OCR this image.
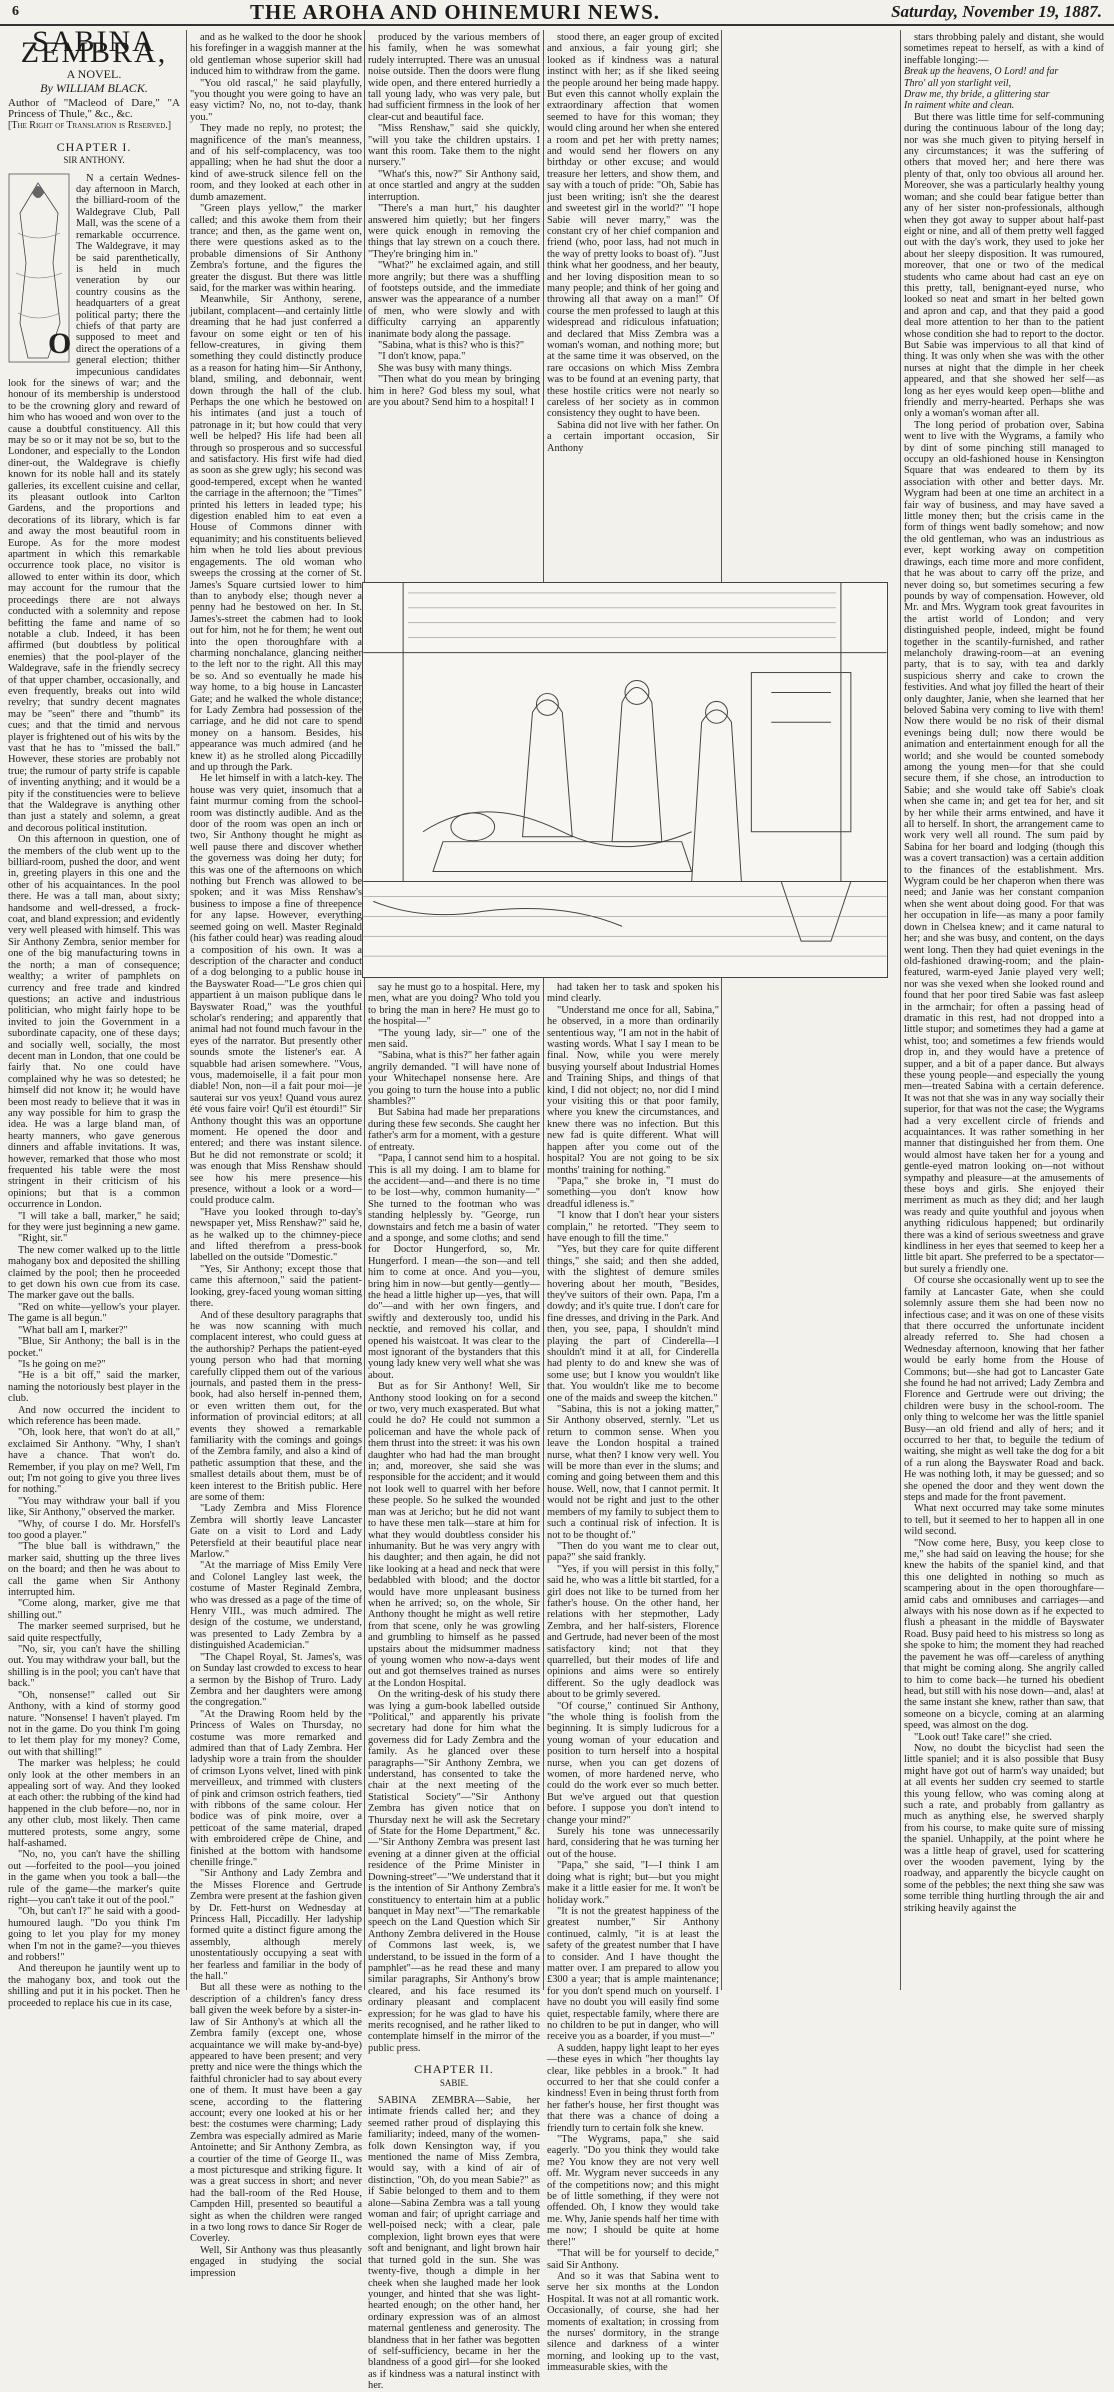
6	THE AROHA AND OHINEMURI NEWS.	Saturday, November 19, 1887.
SABINA ZEMBRA,
A NOVEL.
By WILLIAM BLACK.

Author of "Macleod of Dare," "A Princess of Thule," &c., &c.

[The Right of Translation is Reserved.]

CHAPTER I.
SIR ANTHONY.
O

N a certain Wednes-day afternoon in March, the billiard-room of the Waldegrave Club, Pall Mall, was the scene of a remarkable occurrence. The Waldegrave, it may be said parenthetically, is held in much veneration by our country cousins as the headquarters of a great political party; there the chiefs of that party are supposed to meet and direct the operations of a general election; thither impecunious candidates look for the sinews of war; and the honour of its membership is understood to be the crowning glory and reward of him who has wooed and won over to the cause a doubtful constituency. All this may be so or it may not be so, but to the Londoner, and especially to the London diner-out, the Waldegrave is chiefly known for its noble hall and its stately galleries, its excellent cuisine and cellar, its pleasant outlook into Carlton Gardens, and the proportions and decorations of its library, which is far and away the most beautiful room in Europe. As for the more modest apartment in which this remarkable occurrence took place, no visitor is allowed to enter within its door, which may account for the rumour that the proceedings there are not always conducted with a solemnity and repose befitting the fame and name of so notable a club. Indeed, it has been affirmed (but doubtless by political enemies) that the pool-player of the Waldegrave, safe in the friendly secrecy of that upper chamber, occasionally, and even frequently, breaks out into wild revelry; that sundry decent magnates may be "seen" there and "thumb" its cues; and that the timid and nervous player is frightened out of his wits by the vast that he has to "missed the ball." However, these stories are probably not true; the rumour of party strife is capable of inventing anything; and it would be a pity if the constituencies were to believe that the Waldegrave is anything other than just a stately and solemn, a great and decorous political institution.

On this afternoon in question, one of the members of the club went up to the billiard-room, pushed the door, and went in, greeting players in this one and the other of his acquaintances. In the pool there. He was a tall man, about sixty; handsome and well-dressed, a frock-coat, and bland expression; and evidently very well pleased with himself. This was Sir Anthony Zembra, senior member for one of the big manufacturing towns in the north; a man of consequence; wealthy; a writer of pamphlets on currency and free trade and kindred questions; an active and industrious politician, who might fairly hope to be invited to join the Government in a subordinate capacity, one of these days; and socially well, socially, the most decent man in London, that one could be fairly that. No one could have complained why he was so detested; he himself did not know it; he would have been most ready to believe that it was in any way possible for him to grasp the idea. He was a large bland man, of hearty manners, who gave generous dinners and affable invitations. It was, however, remarked that those who most frequented his table were the most stringent in their criticism of his opinions; but that is a common occurrence in London.

"I will take a ball, marker," he said; for they were just beginning a new game.

"Right, sir."

The new comer walked up to the little mahogany box and deposited the shilling claimed by the pool; then he proceeded to get down his own cue from its case. The marker gave out the balls.

"Red on white—yellow's your player. The game is all begun."

"What ball am I, marker?"

"Blue, Sir Anthony; the ball is in the pocket."

"Is he going on me?"

"He is a bit off," said the marker, naming the notoriously best player in the club.

And now occurred the incident to which reference has been made.

"Oh, look here, that won't do at all," exclaimed Sir Anthony. "Why, I shan't have a chance. That won't do. Remember, if you play on me? Well, I'm out; I'm not going to give you three lives for nothing."

"You may withdraw your ball if you like, Sir Anthony," observed the marker.

"Why, of course I do. Mr. Horsfell's too good a player."

"The blue ball is withdrawn," the marker said, shutting up the three lives on the board; and then he was about to call the game when Sir Anthony interrupted him.

"Come along, marker, give me that shilling out."

The marker seemed surprised, but he said quite respectfully,

"No, sir, you can't have the shilling out. You may withdraw your ball, but the shilling is in the pool; you can't have that back."

"Oh, nonsense!" called out Sir Anthony, with a kind of stormy good nature. "Nonsense! I haven't played. I'm not in the game. Do you think I'm going to let them play for my money? Come, out with that shilling!"

The marker was helpless; he could only look at the other members in an appealing sort of way. And they looked at each other: the rubbing of the kind had happened in the club before—no, nor in any other club, most likely. Then came muttered protests, some angry, some half-ashamed.

"No, no, you can't have the shilling out —forfeited to the pool—you joined in the game when you took a ball—the rule of the game—the marker's quite right—you can't take it out of the pool."

"Oh, but can't I?" he said with a good-humoured laugh. "Do you think I'm going to let you play for my money when I'm not in the game?—you thieves and robbers!"

And thereupon he jauntily went up to the mahogany box, and took out the shilling and put it in his pocket. Then he proceeded to replace his cue in its case,

and as he walked to the door he shook his forefinger in a waggish manner at the old gentleman whose superior skill had induced him to withdraw from the game.

"You old rascal," he said playfully, "you thought you were going to have an easy victim? No, no, not to-day, thank you."

They made no reply, no protest; the magnificence of the man's meanness, and of his self-complacency, was too appalling; when he had shut the door a kind of awe-struck silence fell on the room, and they looked at each other in dumb amazement.

"Green plays yellow," the marker called; and this awoke them from their trance; and then, as the game went on, there were questions asked as to the probable dimensions of Sir Anthony Zembra's fortune, and the figures the greater the disgust. But there was little said, for the marker was within hearing.

Meanwhile, Sir Anthony, serene, jubilant, complacent—and certainly little dreaming that he had just conferred a favour on some eight or ten of his fellow-creatures, in giving them something they could distinctly produce as a reason for hating him—Sir Anthony, bland, smiling, and debonnair, went down through the hall of the club. Perhaps the one which he bestowed on his intimates (and just a touch of patronage in it; but how could that very well be helped? His life had been all through so prosperous and so successful and satisfactory. His first wife had died as soon as she grew ugly; his second was good-tempered, except when he wanted the carriage in the afternoon; the "Times" printed his letters in leaded type; his digestion enabled him to eat even a House of Commons dinner with equanimity; and his constituents believed him when he told lies about previous engagements. The old woman who sweeps the crossing at the corner of St. James's Square curtsied lower to him than to anybody else; though never a penny had he bestowed on her. In St. James's-street the cabmen had to look out for him, not he for them; he went out into the open thoroughfare with a charming nonchalance, glancing neither to the left nor to the right. All this may be so. And so eventually he made his way home, to a big house in Lancaster Gate; and he walked the whole distance; for Lady Zembra had possession of the carriage, and he did not care to spend money on a hansom. Besides, his appearance was much admired (and he knew it) as he strolled along Piccadilly and up through the Park.

He let himself in with a latch-key. The house was very quiet, insomuch that a faint murmur coming from the school-room was distinctly audible. And as the door of the room was open an inch or two, Sir Anthony thought he might as well pause there and discover whether the governess was doing her duty; for this was one of the afternoons on which nothing but French was allowed to be spoken; and it was Miss Renshaw's business to impose a fine of threepence for any lapse. However, everything seemed going on well. Master Reginald (his father could hear) was reading aloud a composition of his own. It was a description of the character and conduct of a dog belonging to a public house in the Bayswater Road—"Le gros chien qui appartient à un maison publique dans le Bayswater Road," was the youthful scholar's rendering; and apparently that animal had not found much favour in the eyes of the narrator. But presently other sounds smote the listener's ear. A squabble had arisen somewhere. "Vous, vous, mademoiselle, il a fait pour mon diable! Non, non—il a fait pour moi—je sauterai sur vos yeux! Quand vous aurez été vous faire voir! Qu'il est étourdi!" Sir Anthony thought this was an opportune moment. He opened the door and entered; and there was instant silence. But he did not remonstrate or scold; it was enough that Miss Renshaw should see how his mere presence—his presence, without a look or a word—could produce calm.

"Have you looked through to-day's newspaper yet, Miss Renshaw?" said he, as he walked up to the chimney-piece and lifted therefrom a press-book labelled on the outside "Domestic."

"Yes, Sir Anthony; except those that came this afternoon," said the patient-looking, grey-faced young woman sitting there.

And of these desultory paragraphs that he was now scanning with much complacent interest, who could guess at the authorship? Perhaps the patient-eyed young person who had that morning carefully clipped them out of the various journals, and pasted them in the press-book, had also herself in-penned them, or even written them out, for the information of provincial editors; at all events they showed a remarkable familiarity with the comings and goings of the Zembra family, and also a kind of pathetic assumption that these, and the smallest details about them, must be of keen interest to the British public. Here are some of them:

"Lady Zembra and Miss Florence Zembra will shortly leave Lancaster Gate on a visit to Lord and Lady Petersfield at their beautiful place near Marlow."

"At the marriage of Miss Emily Vere and Colonel Langley last week, the costume of Master Reginald Zembra, who was dressed as a page of the time of Henry VIII., was much admired. The design of the costume, we understand, was presented to Lady Zembra by a distinguished Academician."

"The Chapel Royal, St. James's, was on Sunday last crowded to excess to hear a sermon by the Bishop of Truro. Lady Zembra and her daughters were among the congregation."

"At the Drawing Room held by the Princess of Wales on Thursday, no costume was more remarked and admired than that of Lady Zembra. Her ladyship wore a train from the shoulder of crimson Lyons velvet, lined with pink merveilleux, and trimmed with clusters of pink and crimson ostrich feathers, tied with ribbons of the same colour. Her bodice was of pink moire, over a petticoat of the same material, draped with embroidered crêpe de Chine, and finished at the bottom with handsome chenille fringe."

"Sir Anthony and Lady Zembra and the Misses Florence and Gertrude Zembra were present at the fashion given by Dr. Fett-hurst on Wednesday at Princess Hall, Piccadilly. Her ladyship formed quite a distinct figure among the assembly, although merely unostentatiously occupying a seat with her fearless and familiar in the body of the hall."

But all these were as nothing to the description of a children's fancy dress ball given the week before by a sister-in-law of Sir Anthony's at which all the Zembra family (except one, whose acquaintance we will make by-and-bye) appeared to have been present; and very pretty and nice were the things which the faithful chronicler had to say about every one of them. It must have been a gay scene, according to the flattering account; every one looked at his or her best: the costumes were charming; Lady Zembra was especially admired as Marie Antoinette; and Sir Anthony Zembra, as a courtier of the time of George II., was a most picturesque and striking figure. It was a great success in short; and never had the ball-room of the Red House, Campden Hill, presented so beautiful a sight as when the children were ranged in a two long rows to dance Sir Roger de Coverley.

Well, Sir Anthony was thus pleasantly engaged in studying the social impression

produced by the various members of his family, when he was somewhat rudely interrupted. There was an unusual noise outside. Then the doors were flung wide open, and there entered hurriedly a tall young lady, who was very pale, but had sufficient firmness in the look of her clear-cut and beautiful face.

"Miss Renshaw," said she quickly, "will you take the children upstairs. I want this room. Take them to the night nursery."

"What's this, now?" Sir Anthony said, at once startled and angry at the sudden interruption.

"There's a man hurt," his daughter answered him quietly; but her fingers were quick enough in removing the things that lay strewn on a couch there. "They're bringing him in."

"What?" he exclaimed again, and still more angrily; but there was a shuffling of footsteps outside, and the immediate answer was the appearance of a number of men, who were slowly and with difficulty carrying an apparently inanimate body along the passage.

"Sabina, what is this? who is this?"

"I don't know, papa."

She was busy with many things.

"Then what do you mean by bringing him in here? God bless my soul, what are you about? Send him to a hospital! I

stood there, an eager group of excited and anxious, a fair young girl; she looked as if kindness was a natural instinct with her; as if she liked seeing the people around her being made happy. But even this cannot wholly explain the extraordinary affection that women seemed to have for this woman; they would cling around her when she entered a room and pet her with pretty names; and would send her flowers on any birthday or other excuse; and would treasure her letters, and show them, and say with a touch of pride: "Oh, Sabie has just been writing; isn't she the dearest and sweetest girl in the world?" "I hope Sabie will never marry," was the constant cry of her chief companion and friend (who, poor lass, had not much in the way of pretty looks to boast of). "Just think what her goodness, and her beauty, and her loving disposition mean to so many people; and think of her going and throwing all that away on a man!" Of course the men professed to laugh at this widespread and ridiculous infatuation; and declared that Miss Zembra was a woman's woman, and nothing more; but at the same time it was observed, on the rare occasions on which Miss Zembra was to be found at an evening party, that these hostile critics were not nearly so careless of her society as in common consistency they ought to have been.

Sabina did not live with her father. On a certain important occasion, Sir Anthony

say he must go to a hospital. Here, my men, what are you doing? Who told you to bring the man in here? He must go to the hospital—"

"The young lady, sir—" one of the men said.

"Sabina, what is this?" her father again angrily demanded. "I will have none of your Whitechapel nonsense here. Are you going to turn the house into a public shambles?"

But Sabina had made her preparations during these few seconds. She caught her father's arm for a moment, with a gesture of entreaty.

"Papa, I cannot send him to a hospital. This is all my doing. I am to blame for the accident—and—and there is no time to be lost—why, common humanity—" She turned to the footman who was standing helplessly by. "George, run downstairs and fetch me a basin of water and a sponge, and some cloths; and send for Doctor Hungerford, so, Mr. Hungerford. I mean—the son—and tell him to come at once. And you—you, bring him in now—but gently—gently—the head a little higher up—yes, that will do"—and with her own fingers, and swiftly and dexterously too, undid his necktie, and removed his collar, and opened his waistcoat. It was clear to the most ignorant of the bystanders that this young lady knew very well what she was about.

But as for Sir Anthony! Well, Sir Anthony stood looking on for a second or two, very much exasperated. But what could he do? He could not summon a policeman and have the whole pack of them thrust into the street: it was his own daughter who had had the man brought in; and, moreover, she said she was responsible for the accident; and it would not look well to quarrel with her before these people. So he sulked the wounded man was at Jericho; but he did not want to have these men talk—stare at him for what they would doubtless consider his inhumanity. But he was very angry with his daughter; and then again, he did not like looking at a head and neck that were bedabbled with blood; and the doctor would have more unpleasant business when he arrived; so, on the whole, Sir Anthony thought he might as well retire from that scene, only he was growling and grumbling to himself as he passed upstairs about the midsummer madness of young women who now-a-days went out and got themselves trained as nurses at the London Hospital.

On the writing-desk of his study there was lying a gum-book labelled outside "Political," and apparently his private secretary had done for him what the governess did for Lady Zembra and the family. As he glanced over these paragraphs—"Sir Anthony Zembra, we understand, has consented to take the chair at the next meeting of the Statistical Society"—"Sir Anthony Zembra has given notice that on Thursday next he will ask the Secretary of State for the Home Department," &c.—"Sir Anthony Zembra was present last evening at a dinner given at the official residence of the Prime Minister in Downing-street"—"We understand that it is the intention of Sir Anthony Zembra's constituency to entertain him at a public banquet in May next"—"The remarkable speech on the Land Question which Sir Anthony Zembra delivered in the House of Commons last week, is, we understand, to be issued in the form of a pamphlet"—as he read these and many similar paragraphs, Sir Anthony's brow cleared, and his face resumed its ordinary pleasant and complacent expression; for he was glad to have his merits recognised, and he rather liked to contemplate himself in the mirror of the public press.

CHAPTER II.
SABIE.

SABINA ZEMBRA—Sabie, her intimate friends called her; and they seemed rather proud of displaying this familiarity; indeed, many of the women-folk down Kensington way, if you mentioned the name of Miss Zembra, would say, with a kind of air of distinction, "Oh, do you mean Sabie?" as if Sabie belonged to them and to them alone—Sabina Zembra was a tall young woman and fair; of upright carriage and well-poised neck; with a clear, pale complexion, light brown eyes that were soft and benignant, and light brown hair that turned gold in the sun. She was twenty-five, though a dimple in her cheek when she laughed made her look younger, and hinted that she was light-hearted enough; on the other hand, her ordinary expression was of an almost maternal gentleness and generosity. The blandness that in her father was begotten of self-sufficiency, became in her the blandness of a good girl—for she looked as if kindness was a natural instinct with her.

had taken her to task and spoken his mind clearly.

"Understand me once for all, Sabina," he observed, in a more than ordinarily sententious way, "I am not in the habit of wasting words. What I say I mean to be final. Now, while you were merely busying yourself about Industrial Homes and Training Ships, and things of that kind, I did not object; no, nor did I mind your visiting this or that poor family, where you knew the circumstances, and knew there was no infection. But this new fad is quite different. What will happen after you come out of the hospital? You are not going to be six months' training for nothing."

"Papa," she broke in, "I must do something—you don't know how dreadful idleness is."

"I know that I don't hear your sisters complain," he retorted. "They seem to have enough to fill the time."

"Yes, but they care for quite different things," she said; and then she added, with the slightest of demure smiles hovering about her mouth, "Besides, they've suitors of their own. Papa, I'm a dowdy; and it's quite true. I don't care for fine dresses, and driving in the Park. And then, you see, papa, I shouldn't mind playing the part of Cinderella—I shouldn't mind it at all, for Cinderella had plenty to do and knew she was of some use; but I know you wouldn't like that. You wouldn't like me to become one of the maids and sweep the kitchen."

"Sabina, this is not a joking matter," Sir Anthony observed, sternly. "Let us return to common sense. When you leave the London hospital a trained nurse, what then? I know very well. You will be more than ever in the slums; and coming and going between them and this house. Well, now, that I cannot permit. It would not be right and just to the other members of my family to subject them to such a continual risk of infection. It is not to be thought of."

"Then do you want me to clear out, papa?" she said frankly.

"Yes, if you will persist in this folly," said he, who was a little bit startled, for a girl does not like to be turned from her father's house. On the other hand, her relations with her stepmother, Lady Zembra, and her half-sisters, Florence and Gertrude, had never been of the most satisfactory kind; not that they quarrelled, but their modes of life and opinions and aims were so entirely different. So the ugly deadlock was about to be grimly severed.

"Of course," continued Sir Anthony, "the whole thing is foolish from the beginning. It is simply ludicrous for a young woman of your education and position to turn herself into a hospital nurse, when you can get dozens of women, of more hardened nerve, who could do the work ever so much better. But we've argued out that question before. I suppose you don't intend to change your mind?"

Surely his tone was unnecessarily hard, considering that he was turning her out of the house.

"Papa," she said, "I—I think I am doing what is right; but—but you might make it a little easier for me. It won't be holiday work."

"It is not the greatest happiness of the greatest number," Sir Anthony continued, calmly, "it is at least the safety of the greatest number that I have to consider. And I have thought the matter over. I am prepared to allow you £300 a year; that is ample maintenance; for you don't spend much on yourself. I have no doubt you will easily find some quiet, respectable family, where there are no children to be put in danger, who will receive you as a boarder, if you must—"

A sudden, happy light leapt to her eyes—these eyes in which "her thoughts lay clear, like pebbles in a brook." It had occurred to her that she could confer a kindness! Even in being thrust forth from her father's house, her first thought was that there was a chance of doing a friendly turn to certain folk she knew.

"The Wygrams, papa," she said eagerly. "Do you think they would take me? You know they are not very well off. Mr. Wygram never succeeds in any of the competitions now; and this might be of little something, if they were not offended. Oh, I know they would take me. Why, Janie spends half her time with me now; I should be quite at home there!"

"That will be for yourself to decide," said Sir Anthony.

And so it was that Sabina went to serve her six months at the London Hospital. It was not at all romantic work. Occasionally, of course, she had her moments of exaltation; in crossing from the nurses' dormitory, in the strange silence and darkness of a winter morning, and looking up to the vast, immeasurable skies, with the

stars throbbing palely and distant, she would sometimes repeat to herself, as with a kind of ineffable longing:—

Break up the heavens, O Lord! and far

Thro' all yon starlight veil,

Draw me, thy bride, a glittering star

In raiment white and clean.

But there was little time for self-communing during the continuous labour of the long day; nor was she much given to pitying herself in any circumstances; it was the suffering of others that moved her; and here there was plenty of that, only too obvious all around her. Moreover, she was a particularly healthy young woman; and she could bear fatigue better than any of her sister non-professionals, although when they got away to supper about half-past eight or nine, and all of them pretty well fagged out with the day's work, they used to joke her about her sleepy disposition. It was rumoured, moreover, that one or two of the medical students who came about had cast an eye on this pretty, tall, benignant-eyed nurse, who looked so neat and smart in her belted gown and apron and cap, and that they paid a good deal more attention to her than to the patient whose condition she had to report to the doctor. But Sabie was impervious to all that kind of thing. It was only when she was with the other nurses at night that the dimple in her cheek appeared, and that she showed her self—as long as her eyes would keep open—blithe and friendly and merry-hearted. Perhaps she was only a woman's woman after all.

The long period of probation over, Sabina went to live with the Wygrams, a family who by dint of some pinching still managed to occupy an old-fashioned house in Kensington Square that was endeared to them by its association with other and better days. Mr. Wygram had been at one time an architect in a fair way of business, and may have saved a little money then; but the crisis came in the form of things went badly somehow; and now the old gentleman, who was an industrious as ever, kept working away on competition drawings, each time more and more confident, that he was about to carry off the prize, and never doing so, but sometimes securing a few pounds by way of compensation. However, old Mr. and Mrs. Wygram took great favourites in the artist world of London; and very distinguished people, indeed, might be found together in the scantily-furnished, and rather melancholy drawing-room—at an evening party, that is to say, with tea and darkly suspicious sherry and cake to crown the festivities. And what joy filled the heart of their only daughter, Janie, when she learned that her beloved Sabina very coming to live with them! Now there would be no risk of their dismal evenings being dull; now there would be animation and entertainment enough for all the world; and she would be counted somebody among the young men—for that she could secure them, if she chose, an introduction to Sabie; and she would take off Sabie's cloak when she came in; and get tea for her, and sit by her while their arms entwined, and have it all to herself. In short, the arrangement came to work very well all round. The sum paid by Sabina for her board and lodging (though this was a covert transaction) was a certain addition to the finances of the establishment. Mrs. Wygram could be her chaperon when there was need; and Janie was her constant companion when she went about doing good. For that was her occupation in life—as many a poor family down in Chelsea knew; and it came natural to her; and she was busy, and content, on the days went long. Then they had quiet evenings in the old-fashioned drawing-room; and the plain-featured, warm-eyed Janie played very well; nor was she vexed when she looked round and found that her poor tired Sabie was fast asleep in the armchair; for often a passing head of dramatic in this rest, had not dropped into a little stupor; and sometimes they had a game at whist, too; and sometimes a few friends would drop in, and they would have a pretence of supper, and a bit of a paper dance. But always these young people—and especially the young men—treated Sabina with a certain deference. It was not that she was in any way socially their superior, for that was not the case; the Wygrams had a very excellent circle of friends and acquaintances. It was rather something in her manner that distinguished her from them. One would almost have taken her for a young and gentle-eyed matron looking on—not without sympathy and pleasure—at the amusements of these boys and girls. She enjoyed their merriment as much as they did; and her laugh was ready and quite youthful and joyous when anything ridiculous happened; but ordinarily there was a kind of serious sweetness and grave kindliness in her eyes that seemed to keep her a little bit apart. She preferred to be a spectator—but surely a friendly one.

Of course she occasionally went up to see the family at Lancaster Gate, when she could solemnly assure them she had been now no infectious case; and it was on one of these visits that there occurred the unfortunate incident already referred to. She had chosen a Wednesday afternoon, knowing that her father would be early home from the House of Commons; but—she had got to Lancaster Gate she found he had not arrived; Lady Zembra and Florence and Gertrude were out driving; the children were busy in the school-room. The only thing to welcome her was the little spaniel Busy—an old friend and ally of hers; and it occurred to her that, to beguile the tedium of waiting, she might as well take the dog for a bit of a run along the Bayswater Road and back. He was nothing loth, it may be guessed; and so she opened the door and they went down the steps and made for the front pavement.

What next occurred may take some minutes to tell, but it seemed to her to happen all in one wild second.

"Now come here, Busy, you keep close to me," she had said on leaving the house; for she knew the habits of the spaniel kind, and that this one delighted in nothing so much as scampering about in the open thoroughfare—amid cabs and omnibuses and carriages—and always with his nose down as if he expected to flush a pheasant in the middle of Bayswater Road. Busy paid heed to his mistress so long as she spoke to him; the moment they had reached the pavement he was off—careless of anything that might be coming along. She angrily called to him to come back—he turned his obedient head, but still with his nose down—and, alas! at the same instant she knew, rather than saw, that someone on a bicycle, coming at an alarming speed, was almost on the dog.

"Look out! Take care!" she cried.

Now, no doubt the bicyclist had seen the little spaniel; and it is also possible that Busy might have got out of harm's way unaided; but at all events her sudden cry seemed to startle this young fellow, who was coming along at such a rate, and probably from gallantry as much as anything else, he swerved sharply from his course, to make quite sure of missing the spaniel. Unhappily, at the point where he was a little heap of gravel, used for scattering over the wooden pavement, lying by the roadway, and apparently the bicycle caught on some of the pebbles; the next thing she saw was some terrible thing hurtling through the air and striking heavily against the
